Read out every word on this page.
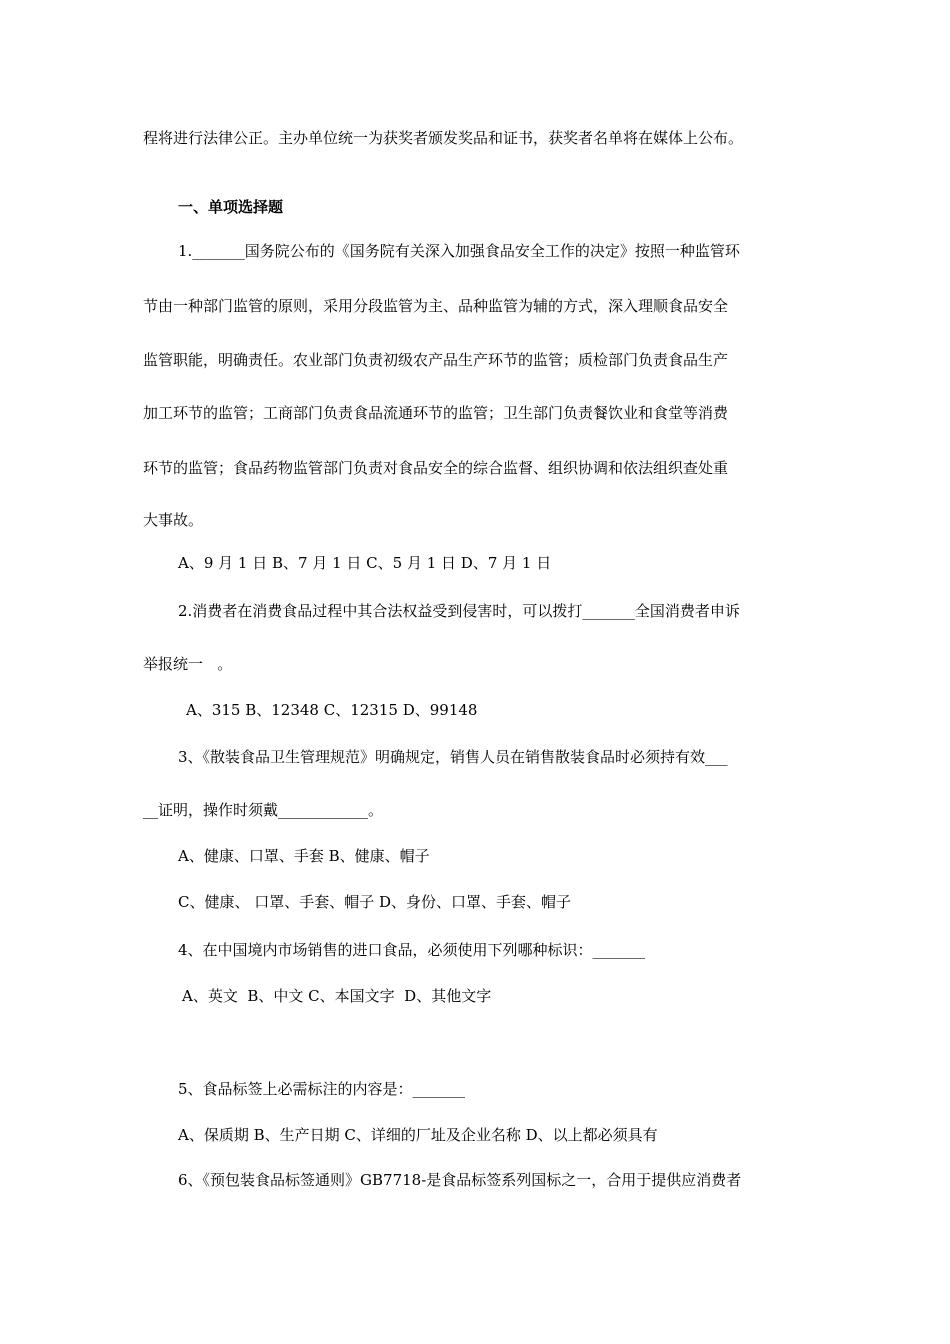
程将进行法律公正。主办单位统一为获奖者颁发奖品和证书，获奖者名单将在媒体上公布。

一、单项选择题

1._______国务院公布的《国务院有关深入加强食品安全工作的决定》按照一种监管环

节由一种部门监管的原则，采用分段监管为主、品种监管为辅的方式，深入理顺食品安全

监管职能，明确责任。农业部门负责初级农产品生产环节的监管；质检部门负责食品生产

加工环节的监管；工商部门负责食品流通环节的监管；卫生部门负责餐饮业和食堂等消费

环节的监管；食品药物监管部门负责对食品安全的综合监督、组织协调和依法组织查处重

大事故。

A、9 月 1 日 B、7 月 1 日 C、5 月 1 日 D、7 月 1 日

2.消费者在消费食品过程中其合法权益受到侵害时，可以拨打_______全国消费者申诉

举报统一   。

A、315 B、12348 C、12315 D、99148

3、《散装食品卫生管理规范》明确规定，销售人员在销售散装食品时必须持有效___

__证明，操作时须戴____________。

A、健康、口罩、手套 B、健康、帽子

C、健康、 口罩、手套、帽子 D、身份、口罩、手套、帽子

4、在中国境内市场销售的进口食品，必须使用下列哪种标识：_______

A、英文  B、中文 C、本国文字  D、其他文字

5、食品标签上必需标注的内容是：_______

A、保质期 B、生产日期 C、详细的厂址及企业名称 D、以上都必须具有

6、《预包装食品标签通则》GB7718-是食品标签系列国标之一，合用于提供应消费者
